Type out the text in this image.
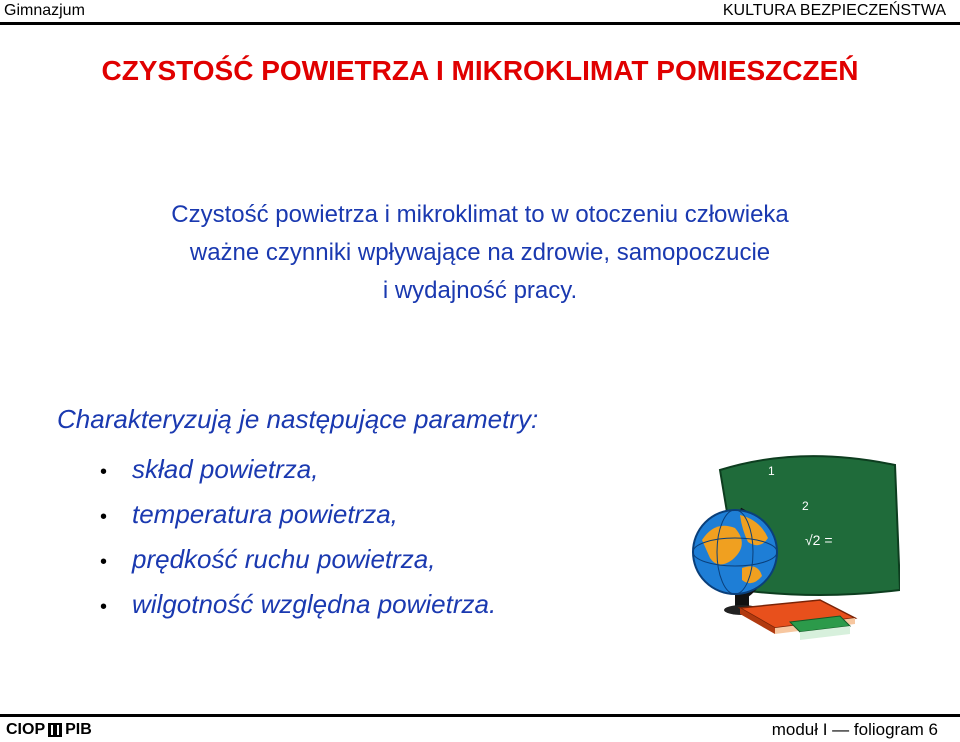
Gimnazjum	KULTURA BEZPIECZEŃSTWA
CZYSTOŚĆ POWIETRZA I MIKROKLIMAT POMIESZCZEŃ
Czystość powietrza i mikroklimat to w otoczeniu człowieka
ważne czynniki wpływające na zdrowie, samopoczucie
i wydajność pracy.
Charakteryzują je następujące parametry:
• skład powietrza,
• temperatura powietrza,
• prędkość ruchu powietrza,
• wilgotność względna powietrza.
1
2
√2 =
CIOP PIB	moduł I — foliogram 6
